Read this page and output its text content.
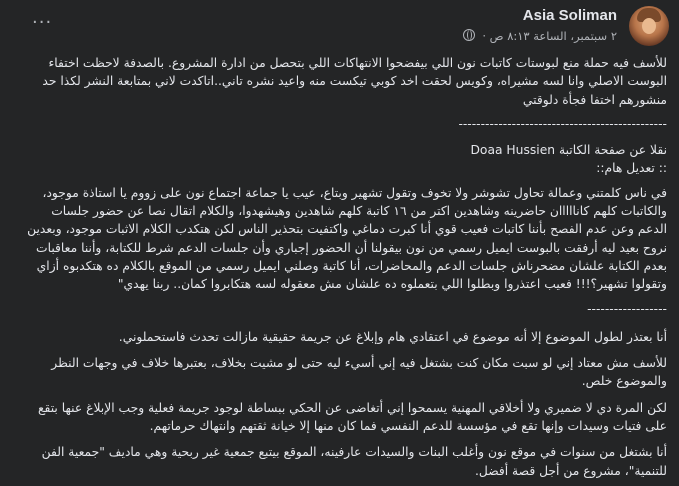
Asia Soliman
٢ سبتمبر، الساعة ٨:١٣ ص ·
···

للأسف فيه حملة منع لبوستات كاتبات نون اللي بيفضحوا الانتهاكات اللي بتحصل من ادارة المشروع. بالصدفة لاحظت اختفاء البوست الاصلي وانا لسه مشيراه، وكويس لحقت اخد كوبي تيكست منه واعيد نشره تاني..اتاكدت لاني بمتابعة النشر لكذا حد منشورهم اختفا فجأة دلوقتي

-----------------------------------------------

نقلا عن صفحة الكاتبة Doaa Hussien

:: تعديل هام::

في ناس كلمتني وعمالة تحاول تشوشر ولا تخوف وتقول تشهير وبتاع، عيب يا جماعة اجتماع نون على زووم يا استاذة موجود، والكاتبات كلهم كانااااان حاضرينه وشاهدين اكتر من ١٦ كاتبة كلهم شاهدين وهيشهدوا، والكلام اتقال نصا عن حضور جلسات الدعم وعن عدم الفصح بأننا كاتبات فعيب قوي أنا كبرت دماغي واكتفيت بتحذير الناس لكن هتكدب الكلام الاثبات موجود، وبعدين نروح بعيد ليه أرفقت بالبوست ايميل رسمي من نون بيقولنا أن الحضور إجباري وأن جلسات الدعم شرط للكتابة، وأننا معاقبات بعدم الكتابة علشان مضحرناش جلسات الدعم والمحاضرات، أنا كاتبة وصلني ايميل رسمي من الموقع بالكلام ده هتكدبوه أزاي وتقولوا تشهير؟!!! فعيب اعتذروا وبطلوا اللي بتعملوه ده علشان مش معقوله لسه هتكابروا كمان.. ربنا يهدي"

------------------

أنا بعتذر لطول الموضوع إلا أنه موضوع في اعتقادي هام وإبلاغ عن جريمة حقيقية مازالت تحدث فاستحملوني.

للأسف مش معتاد إني لو سبت مكان كنت بشتغل فيه إني أسيء ليه حتى لو مشيت بخلاف، بعتبرها خلاف في وجهات النظر والموضوع خلص.

لكن المرة دي لا ضميري ولا أخلاقي المهنية يسمحوا إني أتغاضى عن الحكي ببساطة لوجود جريمة فعلية وجب الإبلاغ عنها بتقع على فتيات وسيدات وإنها تقع في مؤسسة للدعم النفسي فما كان منها إلا خيانة ثقتهم وانتهاك حرماتهم.

أنا بشتغل من سنوات في موقع نون وأغلب البنات والسيدات عارفينه، الموقع بيتبع جمعية غير ربحية وهي ماديف "جمعية الفن للتنمية"، مشروع من أجل قصة أفضل.
